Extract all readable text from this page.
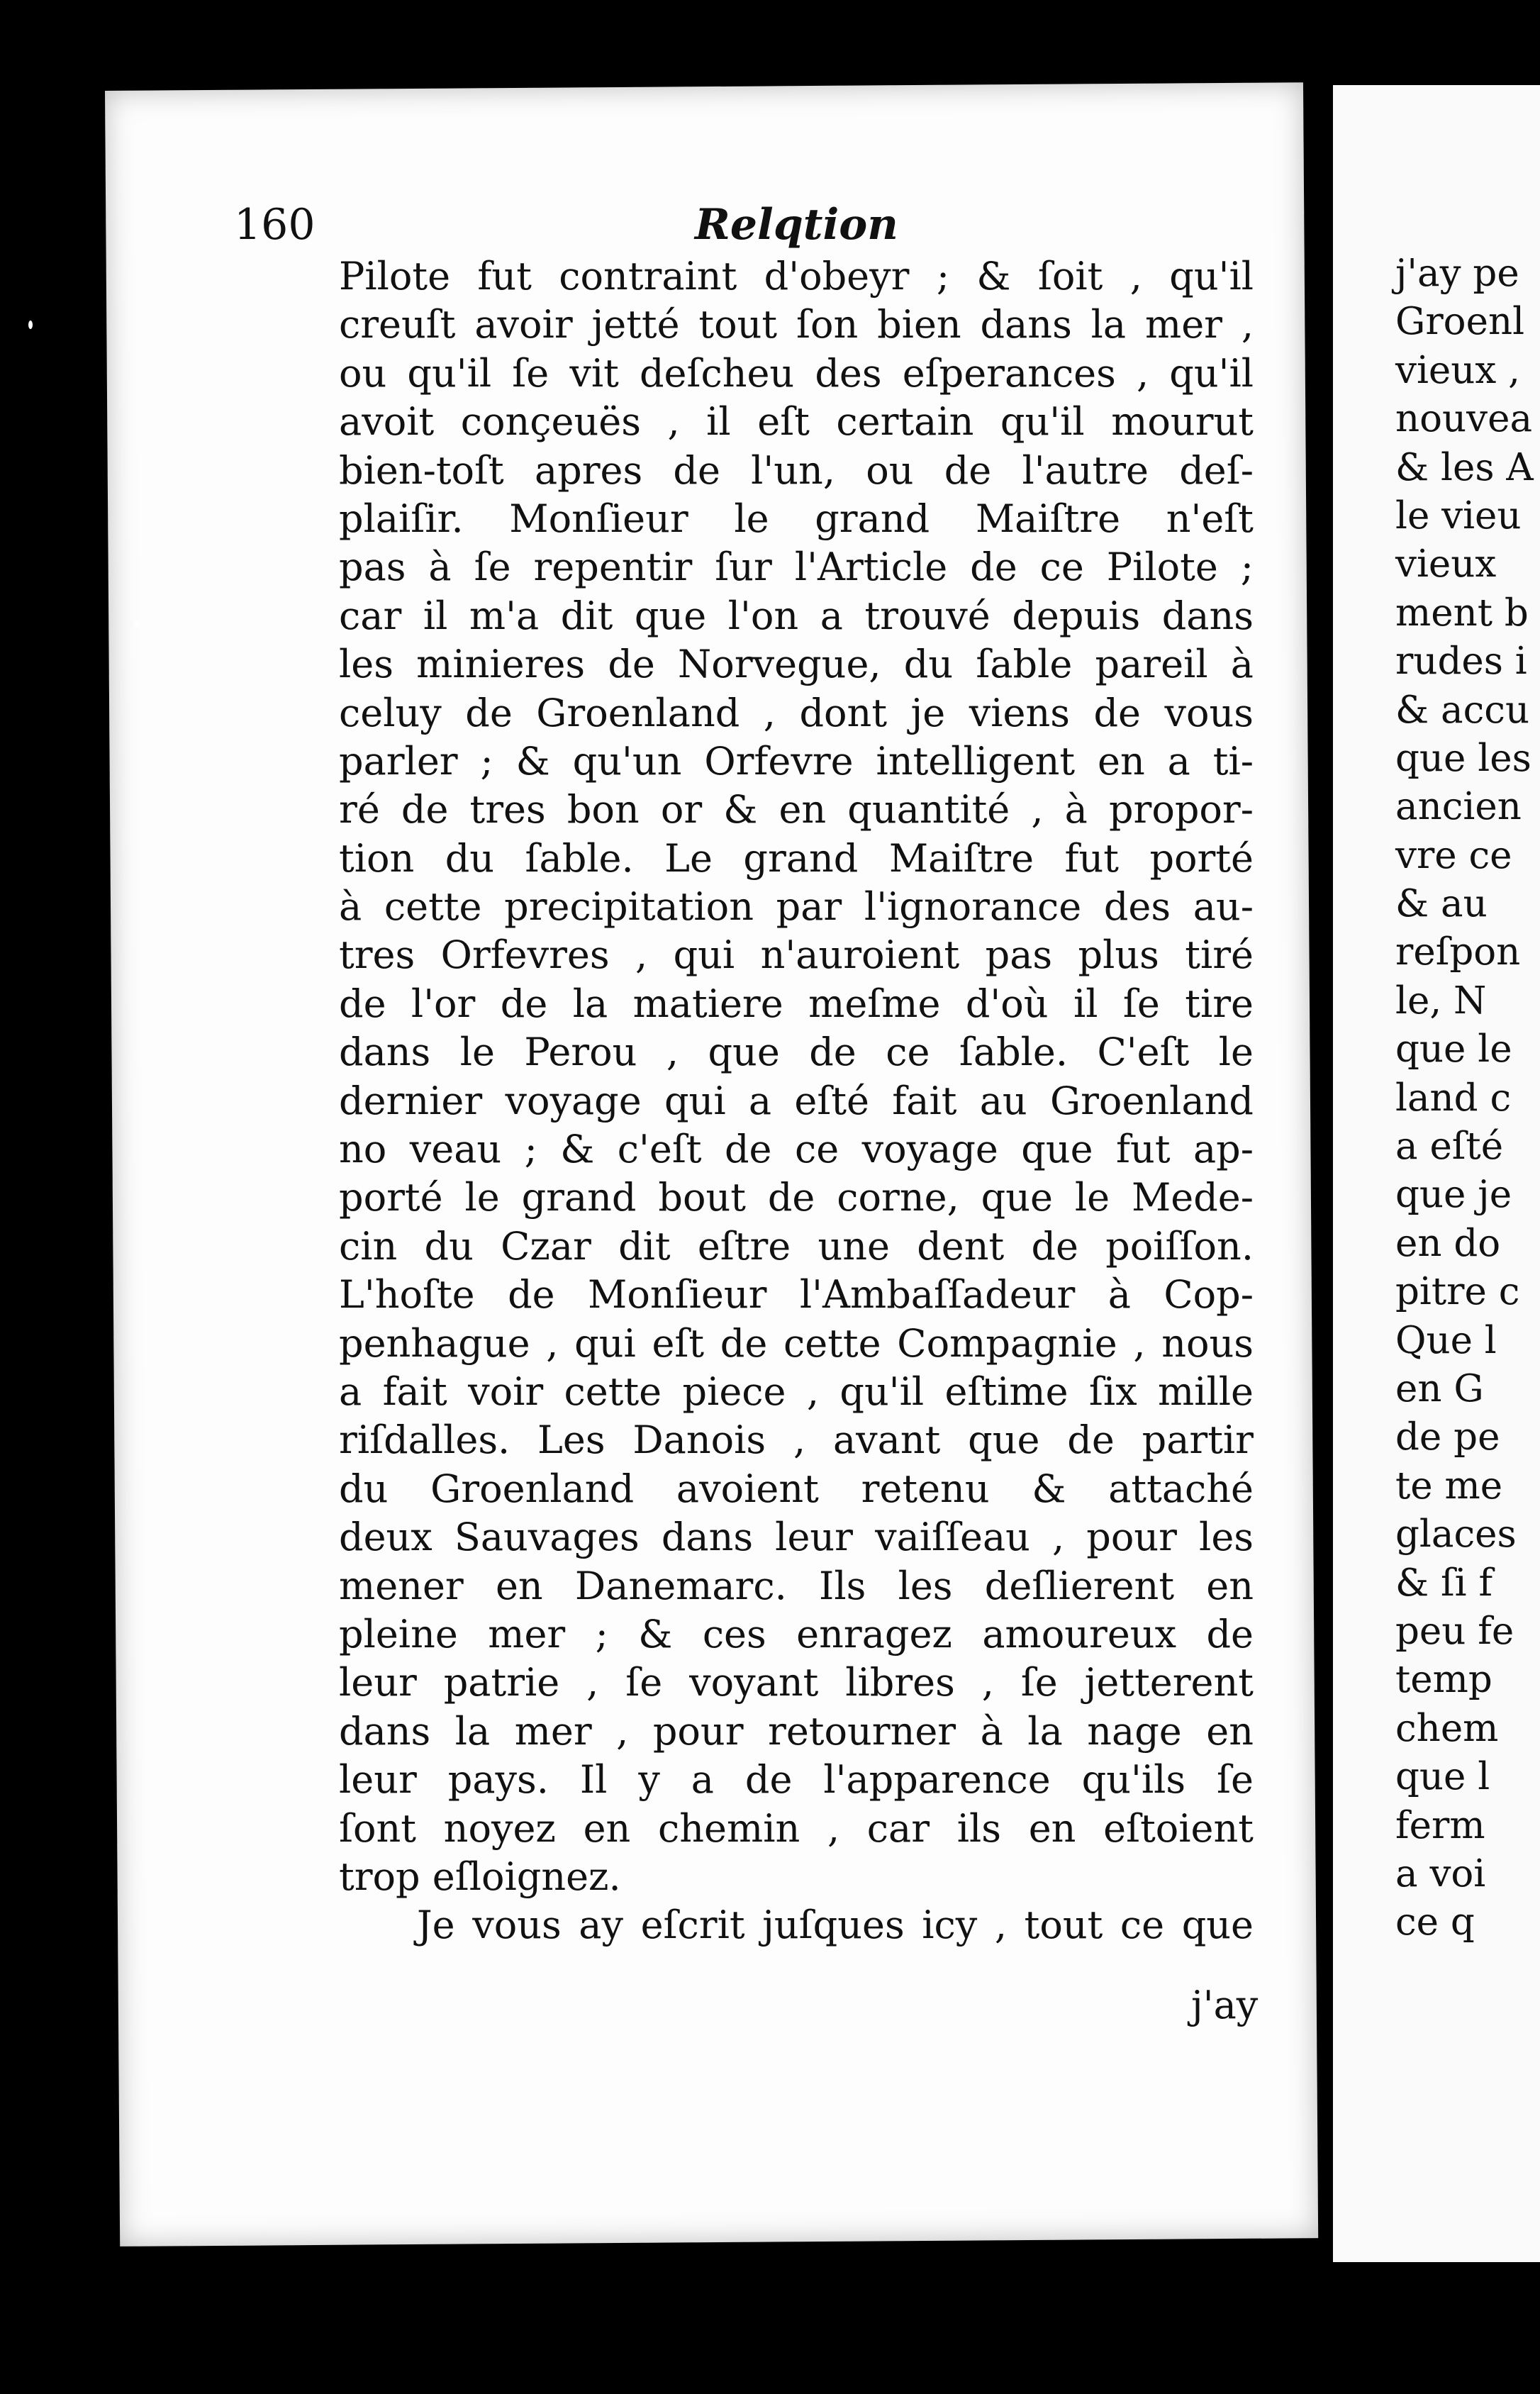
j'ay pe
Groenl
vieux ,
nouvea
& les A
le vieu
vieux
ment b
rudes i
& accu
que les
ancien
vre ce
& au
reſpon
le, N
que le
land c
a eſté
que je
en do
pitre c
Que l
en G
de pe
te me
glaces
& ſi f
peu fe
temp
chem
que l
ferm
a voi
ce q
160	Relqtion
Pilote fut contraint d'obeyr ; & ſoit , qu'il
creuſt avoir jetté tout ſon bien dans la mer ,
ou qu'il ſe vit deſcheu des eſperances , qu'il
avoit conçeuës , il eſt certain qu'il mourut
bien-toſt apres de l'un, ou de l'autre deſ-
plaiſir. Monſieur le grand Maiſtre n'eſt
pas à ſe repentir ſur l'Article de ce Pilote ;
car il m'a dit que l'on a trouvé depuis dans
les minieres de Norvegue, du ſable pareil à
celuy de Groenland , dont je viens de vous
parler ; & qu'un Orfevre intelligent en a ti-
ré de tres bon or & en quantité , à propor-
tion du ſable. Le grand Maiſtre fut porté
à cette precipitation par l'ignorance des au-
tres Orfevres , qui n'auroient pas plus tiré
de l'or de la matiere meſme d'où il ſe tire
dans le Perou , que de ce ſable. C'eſt le
dernier voyage qui a eſté fait au Groenland
no veau ; & c'eſt de ce voyage que fut ap-
porté le grand bout de corne, que le Mede-
cin du Czar dit eſtre une dent de poiſſon.
L'hoſte de Monſieur l'Ambaſſadeur à Cop-
penhague , qui eſt de cette Compagnie , nous
a fait voir cette piece , qu'il eſtime ſix mille
riſdalles. Les Danois , avant que de partir
du Groenland avoient retenu & attaché
deux Sauvages dans leur vaiſſeau , pour les
mener en Danemarc. Ils les deſlierent en
pleine mer ; & ces enragez amoureux de
leur patrie , ſe voyant libres , ſe jetterent
dans la mer , pour retourner à la nage en
leur pays. Il y a de l'apparence qu'ils ſe
ſont noyez en chemin , car ils en eſtoient
trop eſloignez.
Je vous ay eſcrit juſques icy , tout ce que
j'ay
